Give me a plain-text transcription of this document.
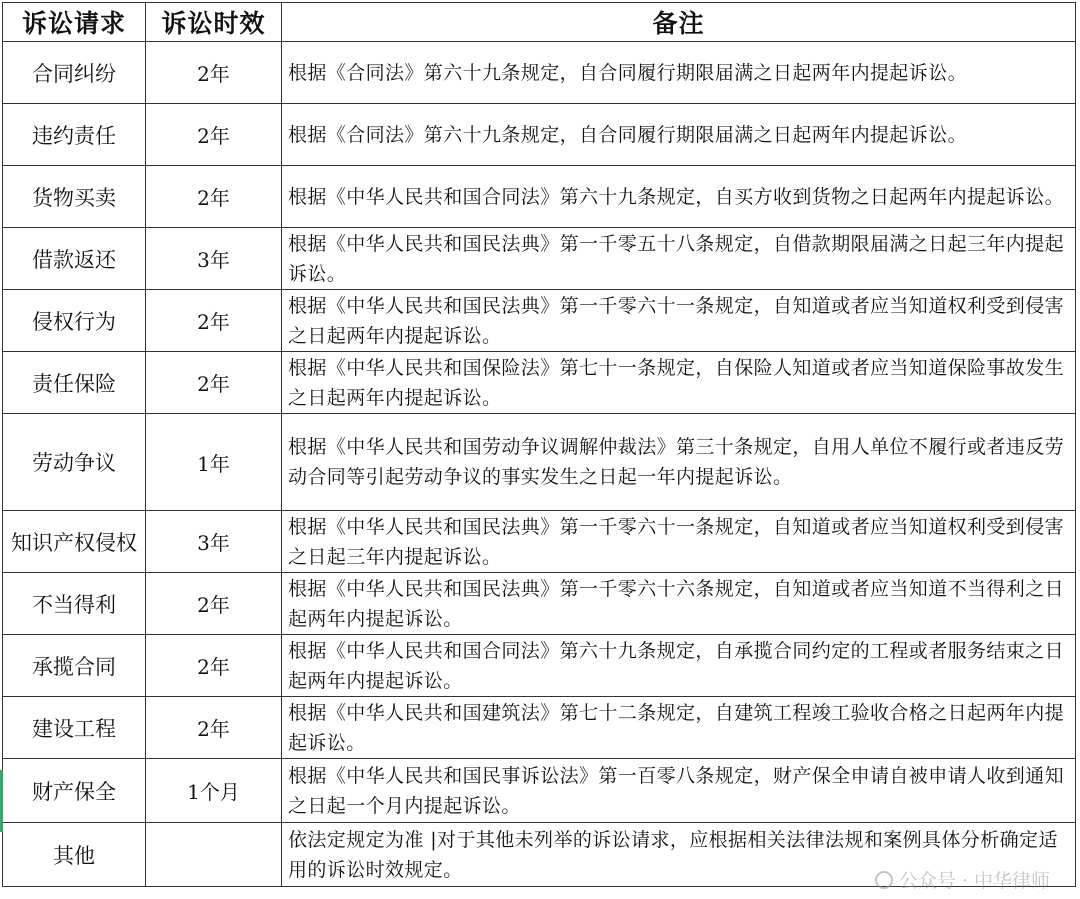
诉讼请求	诉讼时效	备注
合同纠纷	2年	根据《合同法》第六十九条规定，自合同履行期限届满之日起两年内提起诉讼。
违约责任	2年	根据《合同法》第六十九条规定，自合同履行期限届满之日起两年内提起诉讼。
货物买卖	2年	根据《中华人民共和国合同法》第六十九条规定，自买方收到货物之日起两年内提起诉讼。
借款返还	3年	根据《中华人民共和国民法典》第一千零五十八条规定，自借款期限届满之日起三年内提起诉讼。
侵权行为	2年	根据《中华人民共和国民法典》第一千零六十一条规定，自知道或者应当知道权利受到侵害之日起两年内提起诉讼。
责任保险	2年	根据《中华人民共和国保险法》第七十一条规定，自保险人知道或者应当知道保险事故发生之日起两年内提起诉讼。
劳动争议	1年	根据《中华人民共和国劳动争议调解仲裁法》第三十条规定，自用人单位不履行或者违反劳动合同等引起劳动争议的事实发生之日起一年内提起诉讼。
知识产权侵权	3年	根据《中华人民共和国民法典》第一千零六十一条规定，自知道或者应当知道权利受到侵害之日起三年内提起诉讼。
不当得利	2年	根据《中华人民共和国民法典》第一千零六十六条规定，自知道或者应当知道不当得利之日起两年内提起诉讼。
承揽合同	2年	根据《中华人民共和国合同法》第六十九条规定，自承揽合同约定的工程或者服务结束之日起两年内提起诉讼。
建设工程	2年	根据《中华人民共和国建筑法》第七十二条规定，自建筑工程竣工验收合格之日起两年内提起诉讼。
财产保全	1个月	根据《中华人民共和国民事诉讼法》第一百零八条规定，财产保全申请自被申请人收到通知之日起一个月内提起诉讼。
其他		依法定规定为准 |对于其他未列举的诉讼请求，应根据相关法律法规和案例具体分析确定适用的诉讼时效规定。
公众号 · 中华律师
